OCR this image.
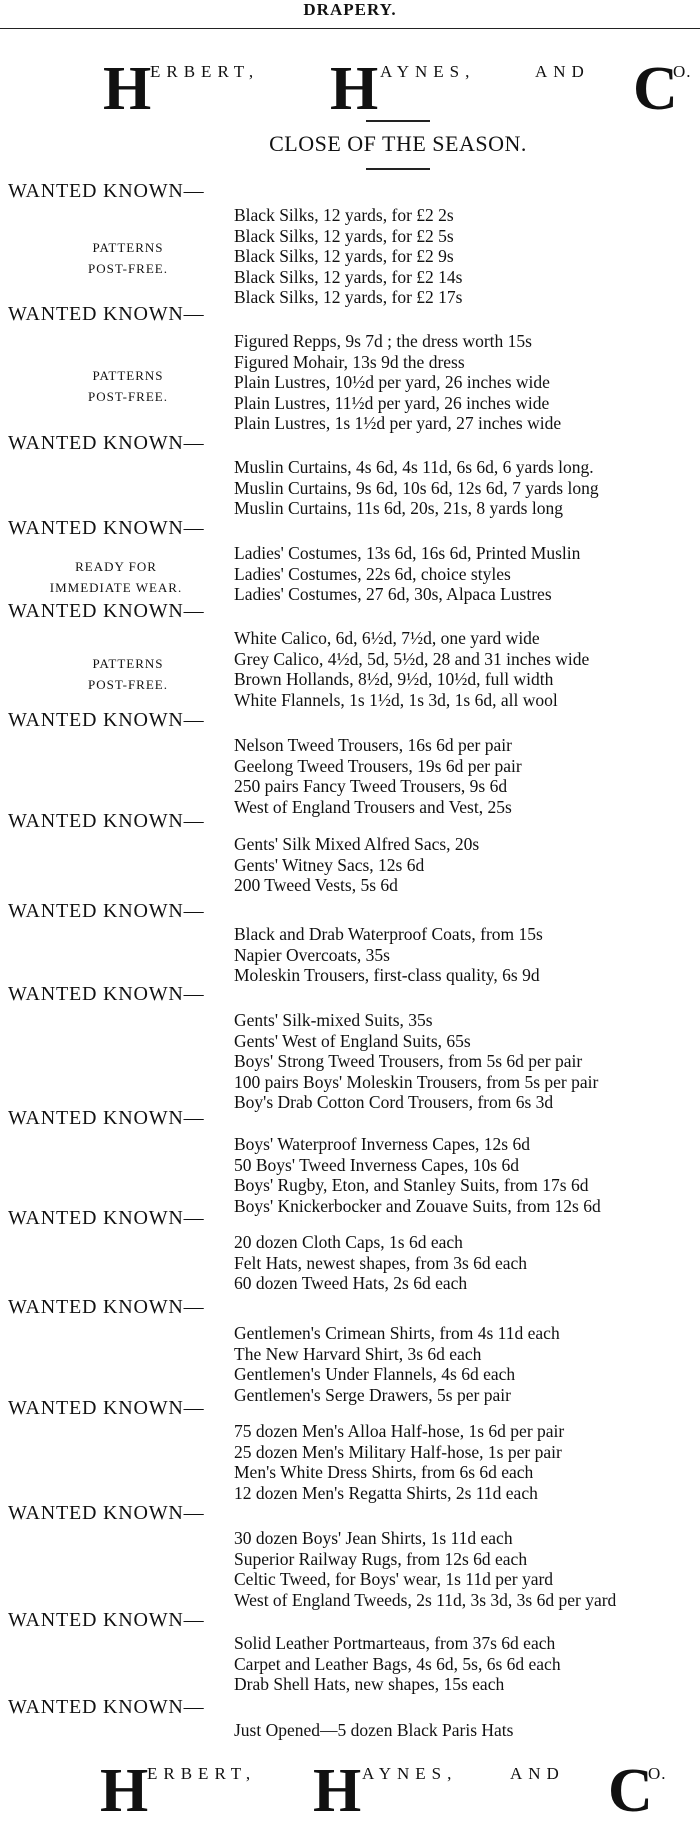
DRAPERY.
H
ERBERT, H AYNES,	AND C
O.
CLOSE OF THE SEASON.
WANTED KNOWN—
PATTERNS
POST-FREE.
Black Silks, 12 yards, for £2 2s
Black Silks, 12 yards, for £2 5s
Black Silks, 12 yards, for £2 9s
Black Silks, 12 yards, for £2 14s
Black Silks, 12 yards, for £2 17s
WANTED KNOWN—
PATTERNS
POST-FREE.
Figured Repps, 9s 7d ; the dress worth 15s
Figured Mohair, 13s 9d the dress
Plain Lustres, 10½d per yard, 26 inches wide
Plain Lustres, 11½d per yard, 26 inches wide
Plain Lustres, 1s 1½d per yard, 27 inches wide
WANTED KNOWN—
Muslin Curtains, 4s 6d, 4s 11d, 6s 6d, 6 yards long.
Muslin Curtains, 9s 6d, 10s 6d, 12s 6d, 7 yards long
Muslin Curtains, 11s 6d, 20s, 21s, 8 yards long
WANTED KNOWN—
READY FOR
IMMEDIATE WEAR.
Ladies' Costumes, 13s 6d, 16s 6d, Printed Muslin
Ladies' Costumes, 22s 6d, choice styles
Ladies' Costumes, 27 6d, 30s, Alpaca Lustres
WANTED KNOWN—
PATTERNS
POST-FREE.
White Calico, 6d, 6½d, 7½d, one yard wide
Grey Calico, 4½d, 5d, 5½d, 28 and 31 inches wide
Brown Hollands, 8½d, 9½d, 10½d, full width
White Flannels, 1s 1½d, 1s 3d, 1s 6d, all wool
WANTED KNOWN—
Nelson Tweed Trousers, 16s 6d per pair
Geelong Tweed Trousers, 19s 6d per pair
250 pairs Fancy Tweed Trousers, 9s 6d
West of England Trousers and Vest, 25s
WANTED KNOWN—
Gents' Silk Mixed Alfred Sacs, 20s
Gents' Witney Sacs, 12s 6d
200 Tweed Vests, 5s 6d
WANTED KNOWN—
Black and Drab Waterproof Coats, from 15s
Napier Overcoats, 35s
Moleskin Trousers, first-class quality, 6s 9d
WANTED KNOWN—
Gents' Silk-mixed Suits, 35s
Gents' West of England Suits, 65s
Boys' Strong Tweed Trousers, from 5s 6d per pair
100 pairs Boys' Moleskin Trousers, from 5s per pair
Boy's Drab Cotton Cord Trousers, from 6s 3d
WANTED KNOWN—
Boys' Waterproof Inverness Capes, 12s 6d
50 Boys' Tweed Inverness Capes, 10s 6d
Boys' Rugby, Eton, and Stanley Suits, from 17s 6d
Boys' Knickerbocker and Zouave Suits, from 12s 6d
WANTED KNOWN—
20 dozen Cloth Caps, 1s 6d each
Felt Hats, newest shapes, from 3s 6d each
60 dozen Tweed Hats, 2s 6d each
WANTED KNOWN—
Gentlemen's Crimean Shirts, from 4s 11d each
The New Harvard Shirt, 3s 6d each
Gentlemen's Under Flannels, 4s 6d each
Gentlemen's Serge Drawers, 5s per pair
WANTED KNOWN—
75 dozen Men's Alloa Half-hose, 1s 6d per pair
25 dozen Men's Military Half-hose, 1s per pair
Men's White Dress Shirts, from 6s 6d each
12 dozen Men's Regatta Shirts, 2s 11d each
WANTED KNOWN—
30 dozen Boys' Jean Shirts, 1s 11d each
Superior Railway Rugs, from 12s 6d each
Celtic Tweed, for Boys' wear, 1s 11d per yard
West of England Tweeds, 2s 11d, 3s 3d, 3s 6d per yard
WANTED KNOWN—
Solid Leather Portmarteaus, from 37s 6d each
Carpet and Leather Bags, 4s 6d, 5s, 6s 6d each
Drab Shell Hats, new shapes, 15s each
WANTED KNOWN—
Just Opened—5 dozen Black Paris Hats
H
ERBERT, H AYNES,	AND C
O.
